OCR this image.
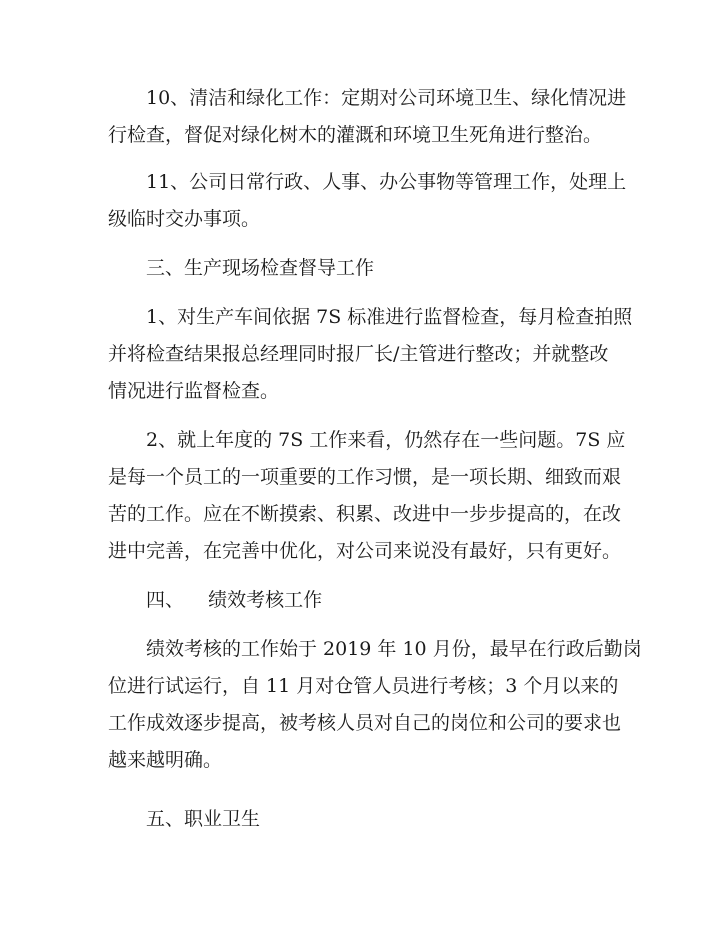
10、清洁和绿化工作：定期对公司环境卫生、绿化情况进
行检查，督促对绿化树木的灌溉和环境卫生死角进行整治。

11、公司日常行政、人事、办公事物等管理工作，处理上
级临时交办事项。

三、生产现场检查督导工作

1、对生产车间依据 7S 标准进行监督检查，每月检查拍照
并将检查结果报总经理同时报厂长/主管进行整改；并就整改
情况进行监督检查。

2、就上年度的 7S 工作来看，仍然存在一些问题。7S 应
是每一个员工的一项重要的工作习惯，是一项长期、细致而艰
苦的工作。应在不断摸索、积累、改进中一步步提高的，在改
进中完善，在完善中优化，对公司来说没有最好，只有更好。

四、    绩效考核工作

绩效考核的工作始于 2019 年 10 月份，最早在行政后勤岗
位进行试运行，自 11 月对仓管人员进行考核；3 个月以来的
工作成效逐步提高，被考核人员对自己的岗位和公司的要求也
越来越明确。

五、职业卫生
